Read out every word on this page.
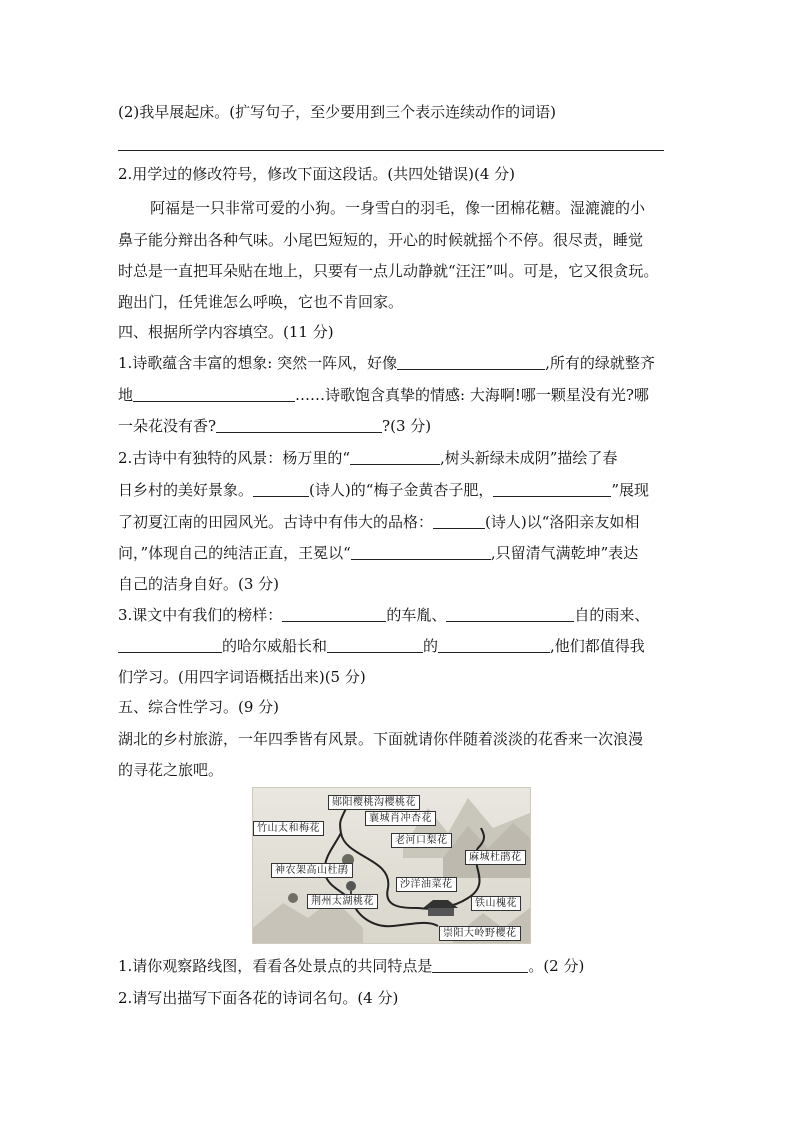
(2)我早展起床。(扩写句子，至少要用到三个表示连续动作的词语)
2.用学过的修改符号，修改下面这段话。(共四处错误)(4 分)
阿福是一只非常可爱的小狗。一身雪白的羽毛，像一团棉花糖。湿漉漉的小
鼻子能分辩出各种气味。小尾巴短短的，开心的时候就摇个不停。很尽责，睡觉
时总是一直把耳朵贴在地上，只要有一点儿动静就“汪汪”叫。可是，它又很贪玩。
跑出门，任凭谁怎么呼唤，它也不肯回家。
四、根据所学内容填空。(11 分)
1.诗歌蕴含丰富的想象: 突然一阵风，好像	,所有的绿就整齐
地	……诗歌饱含真挚的情感: 大海啊!哪一颗星没有光?哪
一朵花没有香?	?(3 分)
2.古诗中有独特的风景：杨万里的“	,树头新绿未成阴”描绘了春
日乡村的美好景象。	(诗人)的“梅子金黄杏子肥，	”展现
了初夏江南的田园风光。古诗中有伟大的品格：	(诗人)以“洛阳亲友如相
问，”体现自己的纯洁正直，王冕以“	,只留清气满乾坤”表达
自己的洁身自好。(3 分)
3.课文中有我们的榜样：	的车胤、	自的雨来、
的哈尔威船长和	的	,他们都值得我
们学习。(用四字词语概括出来)(5 分)
五、综合性学习。(9 分)
湖北的乡村旅游，一年四季皆有风景。下面就请你伴随着淡淡的花香来一次浪漫
的寻花之旅吧。
郧阳樱桃沟樱桃花
竹山太和梅花
襄城肖冲杏花
老河口梨花
麻城杜鹃花
神农架高山杜鹃
沙洋油菜花
荆州太湖桃花	铁山槐花
崇阳大岭野樱花
1.请你观察路线图，看看各处景点的共同特点是	。(2 分)
2.请写出描写下面各花的诗词名句。(4 分)
